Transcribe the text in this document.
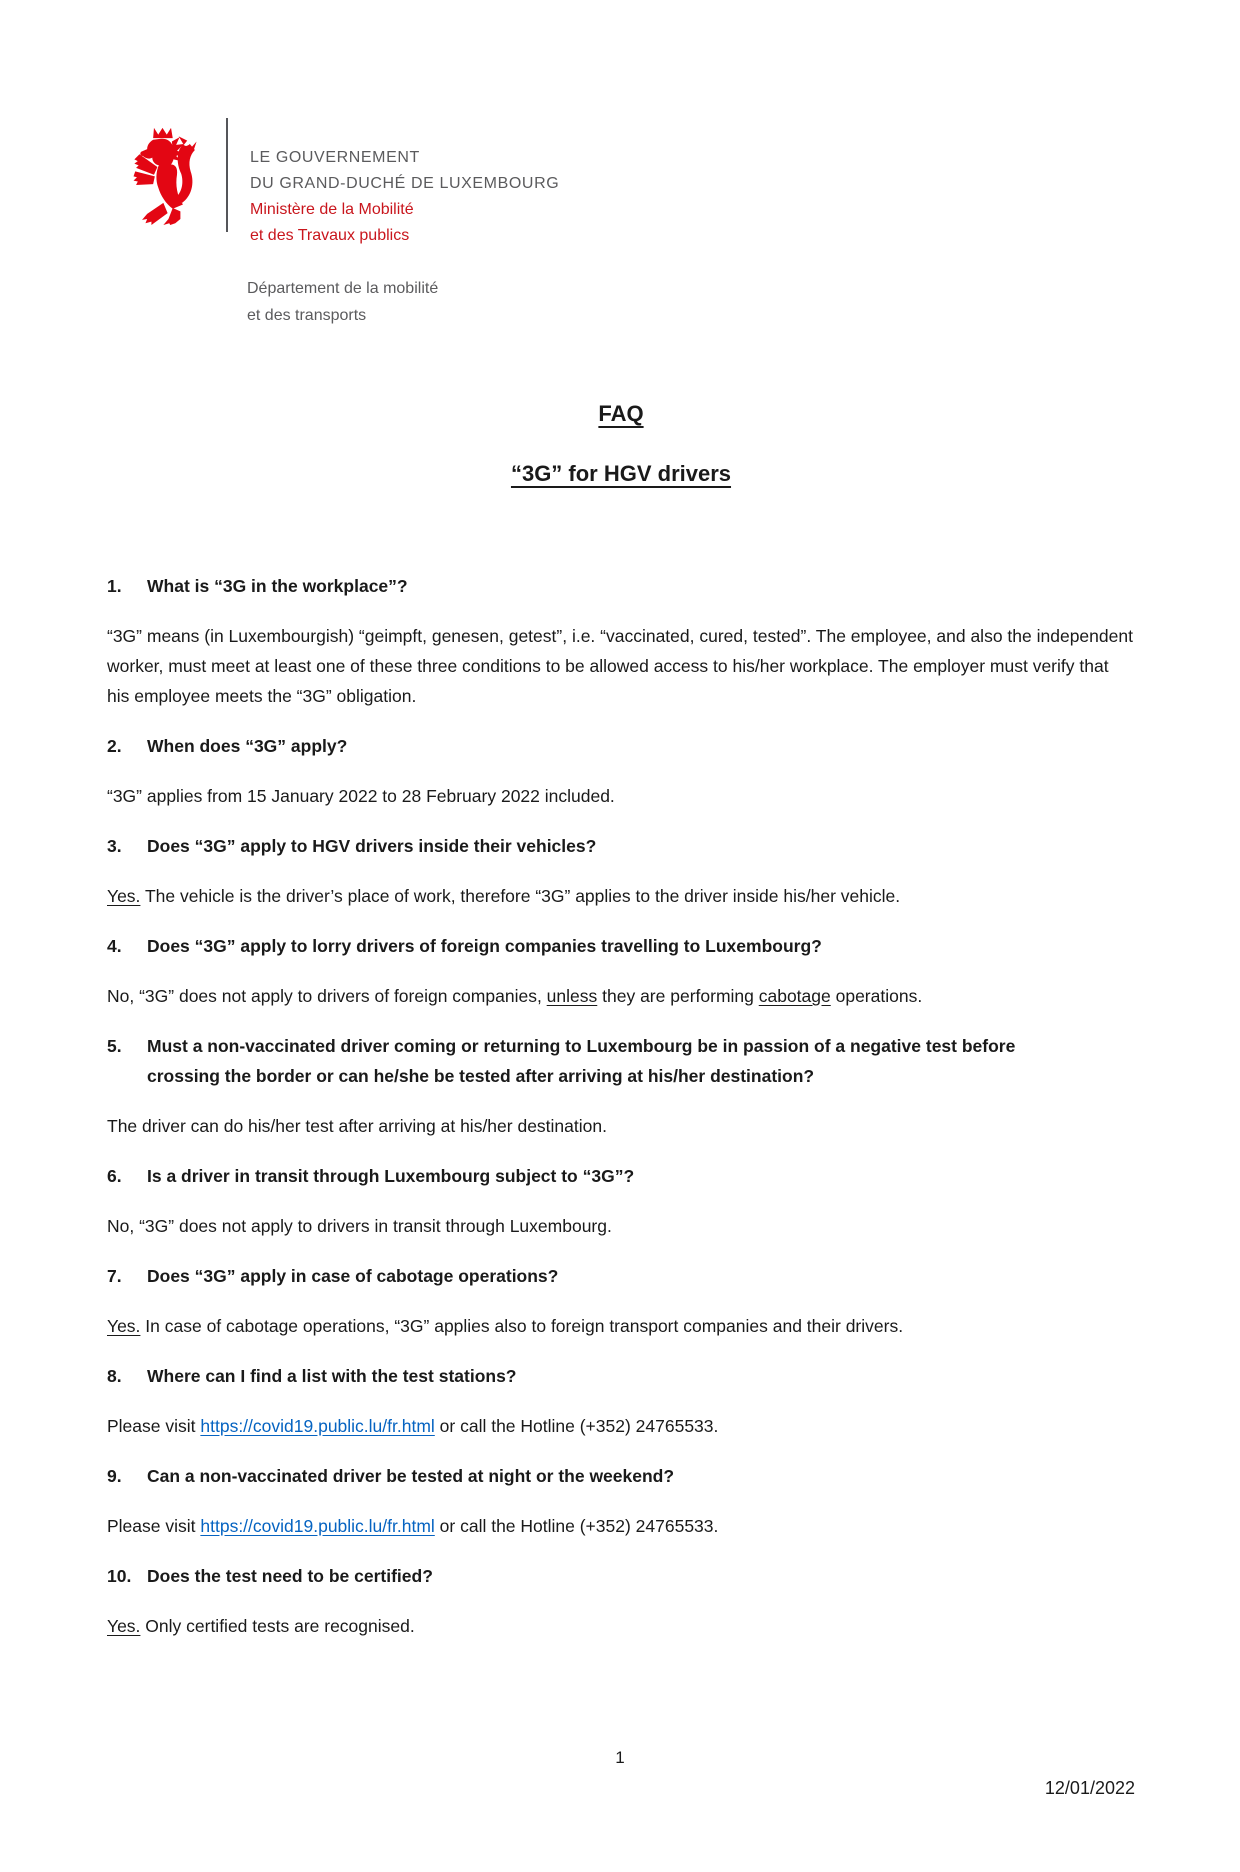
LE GOUVERNEMENT
DU GRAND-DUCHÉ DE LUXEMBOURG
Ministère de la Mobilité
et des Travaux publics
Département de la mobilité
et des transports
FAQ
“3G” for HGV drivers
1.	What is “3G in the workplace”?
“3G” means (in Luxembourgish) “geimpft, genesen, getest”, i.e. “vaccinated, cured, tested”. The employee, and also the independent worker, must meet at least one of these three conditions to be allowed access to his/her workplace. The employer must verify that his employee meets the “3G” obligation.
2.	When does “3G” apply?
“3G” applies from 15 January 2022 to 28 February 2022 included.
3.	Does “3G” apply to HGV drivers inside their vehicles?
Yes. The vehicle is the driver’s place of work, therefore “3G” applies to the driver inside his/her vehicle.
4.	Does “3G” apply to lorry drivers of foreign companies travelling to Luxembourg?
No, “3G” does not apply to drivers of foreign companies, unless they are performing cabotage operations.
5.	Must a non-vaccinated driver coming or returning to Luxembourg be in passion of a negative test before crossing the border or can he/she be tested after arriving at his/her destination?
The driver can do his/her test after arriving at his/her destination.
6.	Is a driver in transit through Luxembourg subject to “3G”?
No, “3G” does not apply to drivers in transit through Luxembourg.
7.	Does “3G” apply in case of cabotage operations?
Yes. In case of cabotage operations, “3G” applies also to foreign transport companies and their drivers.
8.	Where can I find a list with the test stations?
Please visit https://covid19.public.lu/fr.html or call the Hotline (+352) 24765533.
9.	Can a non-vaccinated driver be tested at night or the weekend?
Please visit https://covid19.public.lu/fr.html or call the Hotline (+352) 24765533.
10. Does the test need to be certified?
Yes. Only certified tests are recognised.
1
12/01/2022
